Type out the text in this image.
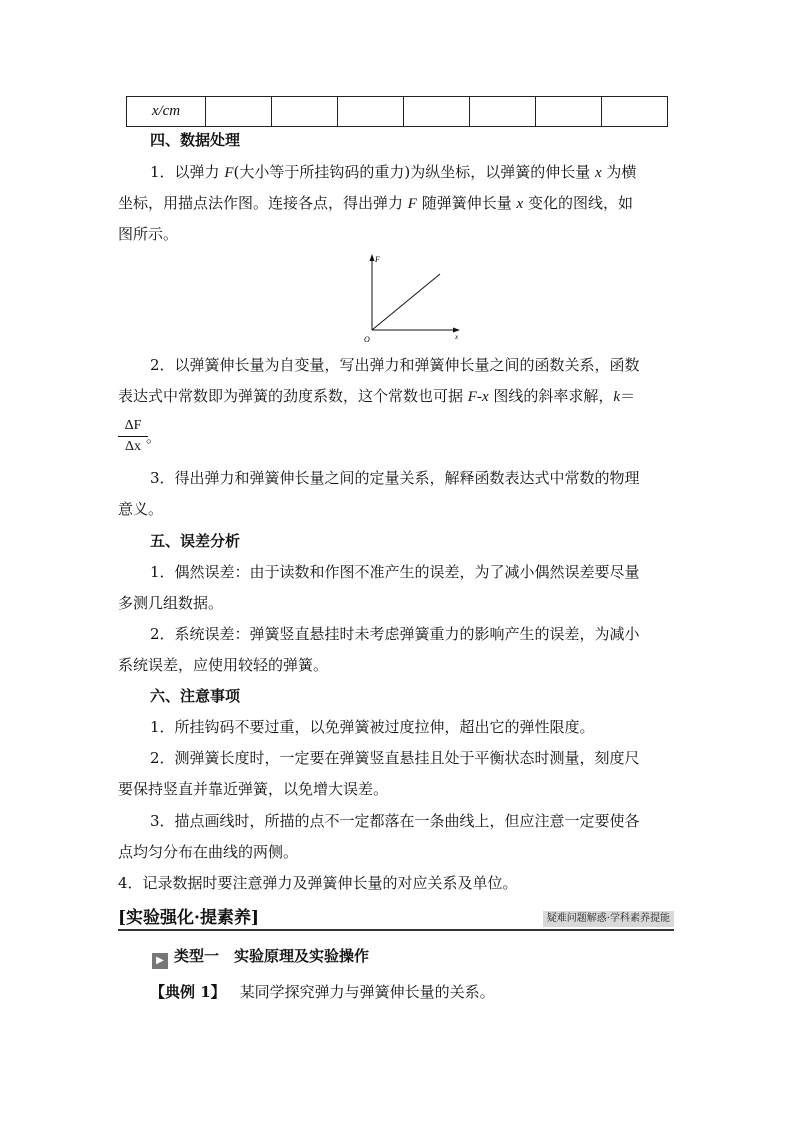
x/cm							
四、数据处理
1．以弹力 F(大小等于所挂钩码的重力)为纵坐标，以弹簧的伸长量 x 为横
坐标，用描点法作图。连接各点，得出弹力 F 随弹簧伸长量 x 变化的图线，如
图所示。
F
x
O
2．以弹簧伸长量为自变量，写出弹力和弹簧伸长量之间的函数关系，函数
表达式中常数即为弹簧的劲度系数，这个常数也可据 F-x 图线的斜率求解，k＝
$\frac{\Delta F}{\Delta x}$
。
3．得出弹力和弹簧伸长量之间的定量关系，解释函数表达式中常数的物理
意义。
五、误差分析
1．偶然误差：由于读数和作图不准产生的误差，为了减小偶然误差要尽量
多测几组数据。
2．系统误差：弹簧竖直悬挂时未考虑弹簧重力的影响产生的误差，为减小
系统误差，应使用较轻的弹簧。
六、注意事项
1．所挂钩码不要过重，以免弹簧被过度拉伸，超出它的弹性限度。
2．测弹簧长度时，一定要在弹簧竖直悬挂且处于平衡状态时测量，刻度尺
要保持竖直并靠近弹簧，以免增大误差。
3．描点画线时，所描的点不一定都落在一条曲线上，但应注意一定要使各
点均匀分布在曲线的两侧。
4．记录数据时要注意弹力及弹簧伸长量的对应关系及单位。
[实验强化·提素养]	疑难问题解惑·学科素养提能
▶ 类型一　实验原理及实验操作
【典例 1】 某同学探究弹力与弹簧伸长量的关系。
